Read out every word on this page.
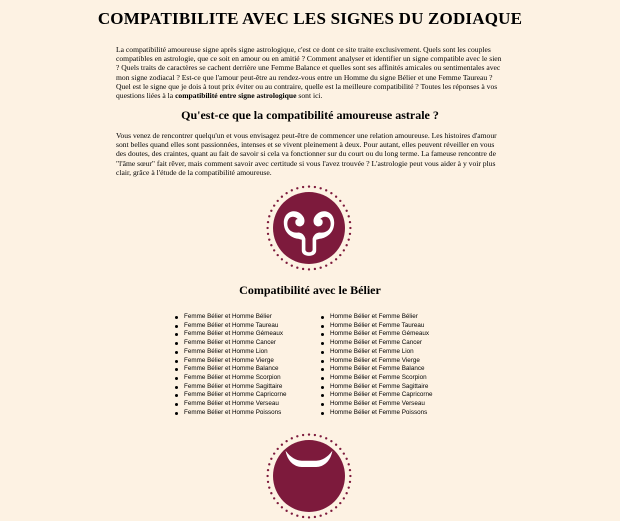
COMPATIBILITE AVEC LES SIGNES DU ZODIAQUE

La compatibilité amoureuse signe après signe astrologique, c'est ce dont ce site traite exclusivement. Quels sont les couples compatibles en astrologie, que ce soit en amour ou en amitié ? Comment analyser et identifier un signe compatible avec le sien ? Quels traits de caractères se cachent derrière une Femme Balance et quelles sont ses affinités amicales ou sentimentales avec mon signe zodiacal ? Est-ce que l'amour peut-être au rendez-vous entre un Homme du signe Bélier et une Femme Taureau ? Quel est le signe que je dois à tout prix éviter ou au contraire, quelle est la meilleure compatibilité ? Toutes les réponses à vos questions liées à la compatibilité entre signe astrologique sont ici.

Qu'est-ce que la compatibilité amoureuse astrale ?

Vous venez de rencontrer quelqu'un et vous envisagez peut-être de commencer une relation amoureuse. Les histoires d'amour sont belles quand elles sont passionnées, intenses et se vivent pleinement à deux. Pour autant, elles peuvent réveiller en vous des doutes, des craintes, quant au fait de savoir si cela va fonctionner sur du court ou du long terme. La fameuse rencontre de "l'âme sœur" fait rêver, mais comment savoir avec certitude si vous l'avez trouvée ? L'astrologie peut vous aider à y voir plus clair, grâce à l'étude de la compatibilité amoureuse.

Compatibilité avec le Bélier
Femme Bélier et Homme Bélier
Femme Bélier et Homme Taureau
Femme Bélier et Homme Gémeaux
Femme Bélier et Homme Cancer
Femme Bélier et Homme Lion
Femme Bélier et Homme Vierge
Femme Bélier et Homme Balance
Femme Bélier et Homme Scorpion
Femme Bélier et Homme Sagittaire
Femme Bélier et Homme Capricorne
Femme Bélier et Homme Verseau
Femme Bélier et Homme Poissons
Homme Bélier et Femme Bélier
Homme Bélier et Femme Taureau
Homme Bélier et Femme Gémeaux
Homme Bélier et Femme Cancer
Homme Bélier et Femme Lion
Homme Bélier et Femme Vierge
Homme Bélier et Femme Balance
Homme Bélier et Femme Scorpion
Homme Bélier et Femme Sagittaire
Homme Bélier et Femme Capricorne
Homme Bélier et Femme Verseau
Homme Bélier et Femme Poissons
